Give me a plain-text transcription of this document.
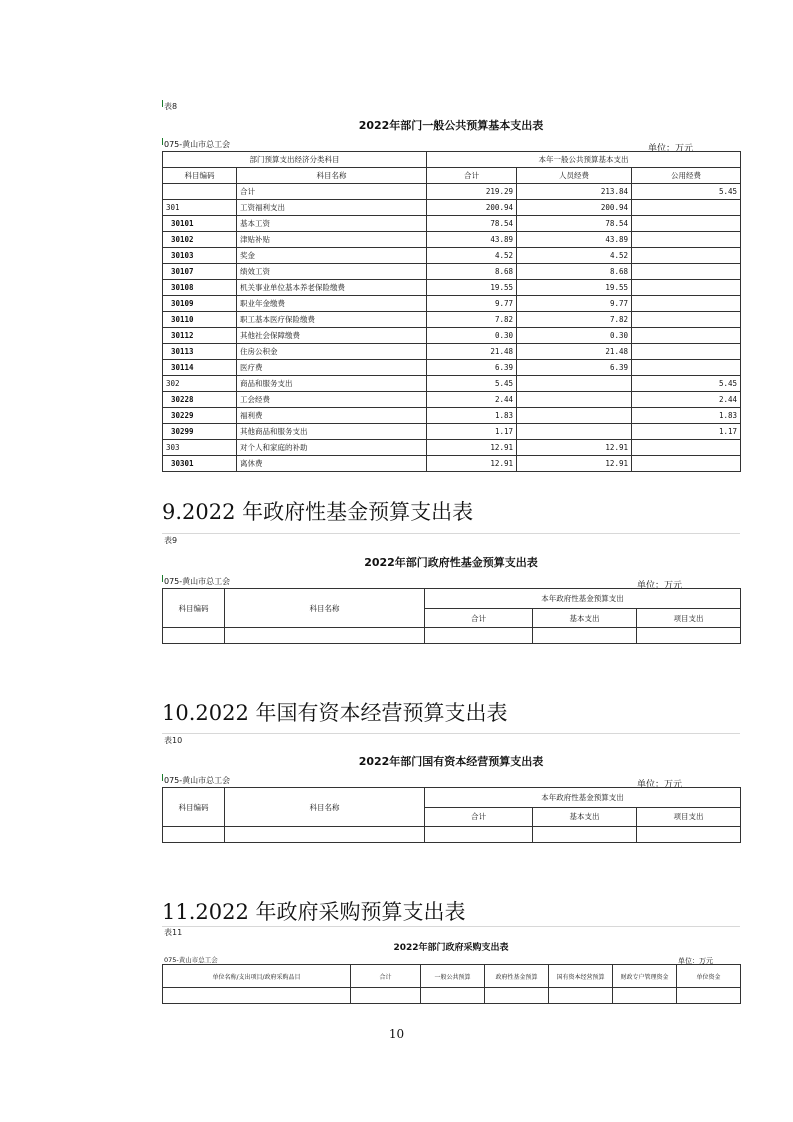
表8
2022年部门一般公共预算基本支出表
075-黄山市总工会	单位：万元
部门预算支出经济分类科目		本年一般公共预算基本支出		
科目编码	科目名称	合计	人员经费	公用经费
	合计	219.29	213.84	5.45
301	工资福利支出	200.94	200.94	
30101	基本工资	78.54	78.54	
30102	津贴补贴	43.89	43.89	
30103	奖金	4.52	4.52	
30107	绩效工资	8.68	8.68	
30108	机关事业单位基本养老保险缴费	19.55	19.55	
30109	职业年金缴费	9.77	9.77	
30110	职工基本医疗保险缴费	7.82	7.82	
30112	其他社会保障缴费	0.30	0.30	
30113	住房公积金	21.48	21.48	
30114	医疗费	6.39	6.39	
302	商品和服务支出	5.45		5.45
30228	工会经费	2.44		2.44
30229	福利费	1.83		1.83
30299	其他商品和服务支出	1.17		1.17
303	对个人和家庭的补助	12.91	12.91	
30301	离休费	12.91	12.91	
9.2022 年政府性基金预算支出表
表9
2022年部门政府性基金预算支出表
075-黄山市总工会	单位：万元
科目编码	科目名称	本年政府性基金预算支出		
		合计	基本支出	项目支出

10.2022 年国有资本经营预算支出表
表10
2022年部门国有资本经营预算支出表
075-黄山市总工会	单位：万元
科目编码	科目名称	本年政府性基金预算支出		
		合计	基本支出	项目支出

11.2022 年政府采购预算支出表
表11
2022年部门政府采购支出表
075-黄山市总工会	单位：万元
单位名称/支出项目/政府采购品目	合计	一般公共预算	政府性基金预算	国有资本经营预算	财政专户管理资金	单位资金

10
